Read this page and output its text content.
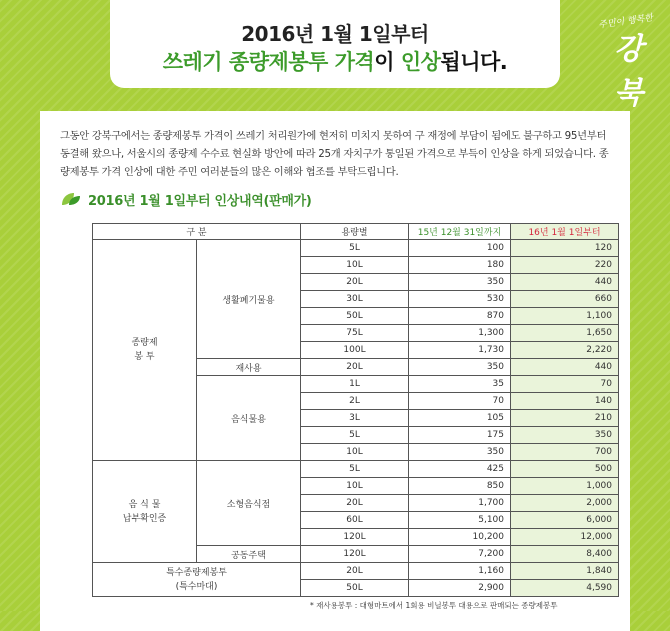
2016년 1월 1일부터
쓰레기 종량제봉투 가격이 인상됩니다.
주민이 행복한
강북
그동안 강북구에서는 종량제봉투 가격이 쓰레기 처리원가에 현저히 미치지 못하여 구 재정에 부담이 됨에도 불구하고 95년부터 동결해 왔으나, 서울시의 종량제 수수료 현실화 방안에 따라 25개 자치구가 통일된 가격으로 부득이 인상을 하게 되었습니다. 종량제봉투 가격 인상에 대한 주민 여러분들의 많은 이해와 협조를 부탁드립니다.
2016년 1월 1일부터 인상내역(판매가)
구 분		용량별	15년 12월 31일까지	16년 1월 1일부터
종량제
봉 투	생활폐기물용	5L	100	120
		10L	180	220
		20L	350	440
		30L	530	660
		50L	870	1,100
		75L	1,300	1,650
		100L	1,730	2,220
	재사용	20L	350	440
	음식물용	1L	35	70
		2L	70	140
		3L	105	210
		5L	175	350
		10L	350	700
음 식 물
납부확인증	소형음식점	5L	425	500
		10L	850	1,000
		20L	1,700	2,000
		60L	5,100	6,000
		120L	10,200	12,000
	공동주택	120L	7,200	8,400
특수종량제봉투
(특수마대)		20L	1,160	1,840
		50L	2,900	4,590
* 재사용봉투 : 대형마트에서 1회용 비닐봉투 대용으로 판매되는 종량제봉투
